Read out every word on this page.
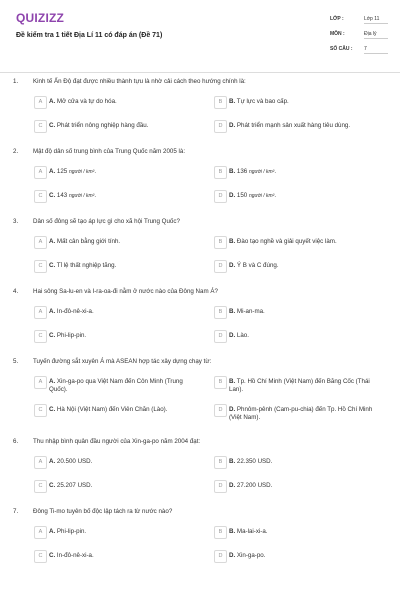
QUIZIZZ
Đề kiểm tra 1 tiết Địa Lí 11 có đáp án (Đề 71)
LỚP :	Lớp 11
MÔN :	Địa lý
SỐ CÂU : 7
1. Kinh tế Ấn Độ đạt được nhiều thành tựu là nhờ cải cách theo hướng chính là:
A	A. Mở cửa và tự do hóa.	B	B. Tự lực và bao cấp.
C	C. Phát triển nông nghiệp hàng đầu.	D	D. Phát triển mạnh sản xuất hàng tiêu dùng.
2. Mật độ dân số trung bình của Trung Quốc năm 2005 là:
A	A. 125 người / km².	B	B. 136 người / km².
C	C. 143 người / km².	D	D. 150 người / km².
3. Dân số đông sẽ tạo áp lực gì cho xã hội Trung Quốc?
A	A. Mất cân bằng giới tính.	B	B. Đào tạo nghề và giải quyết việc làm.
C	C. Tỉ lệ thất nghiệp tăng.	D	D. Ý B và C đúng.
4. Hai sông Sa-lu-en và I-ra-oa-đi nằm ở nước nào của Đông Nam Á?
A	A. In-đô-nê-xi-a.	B	B. Mi-an-ma.
C	C. Phi-lip-pin.	D	D. Lào.
5. Tuyến đường sắt xuyên Á mà ASEAN hợp tác xây dựng chạy từ:
A	A. Xin-ga-po qua Việt Nam đến Côn Minh (Trung Quốc).
B	B. Tp. Hồ Chí Minh (Việt Nam) đến Băng Cốc (Thái Lan).
C	C. Hà Nội (Việt Nam) đến Viên Chăn (Lào).	D	D. Phnôm-pênh (Cam-pu-chia) đến Tp. Hồ Chí Minh (Việt Nam).
6. Thu nhập bình quân đầu người của Xin-ga-po năm 2004 đạt:
A	A. 20.500 USD.	B	B. 22.350 USD.
C	C. 25.207 USD.	D	D. 27.200 USD.
7. Đông Ti-mo tuyên bố độc lập tách ra từ nước nào?
A	A. Phi-lip-pin.	B	B. Ma-lai-xi-a.
C	C. In-đô-nê-xi-a.	D	D. Xin-ga-po.
